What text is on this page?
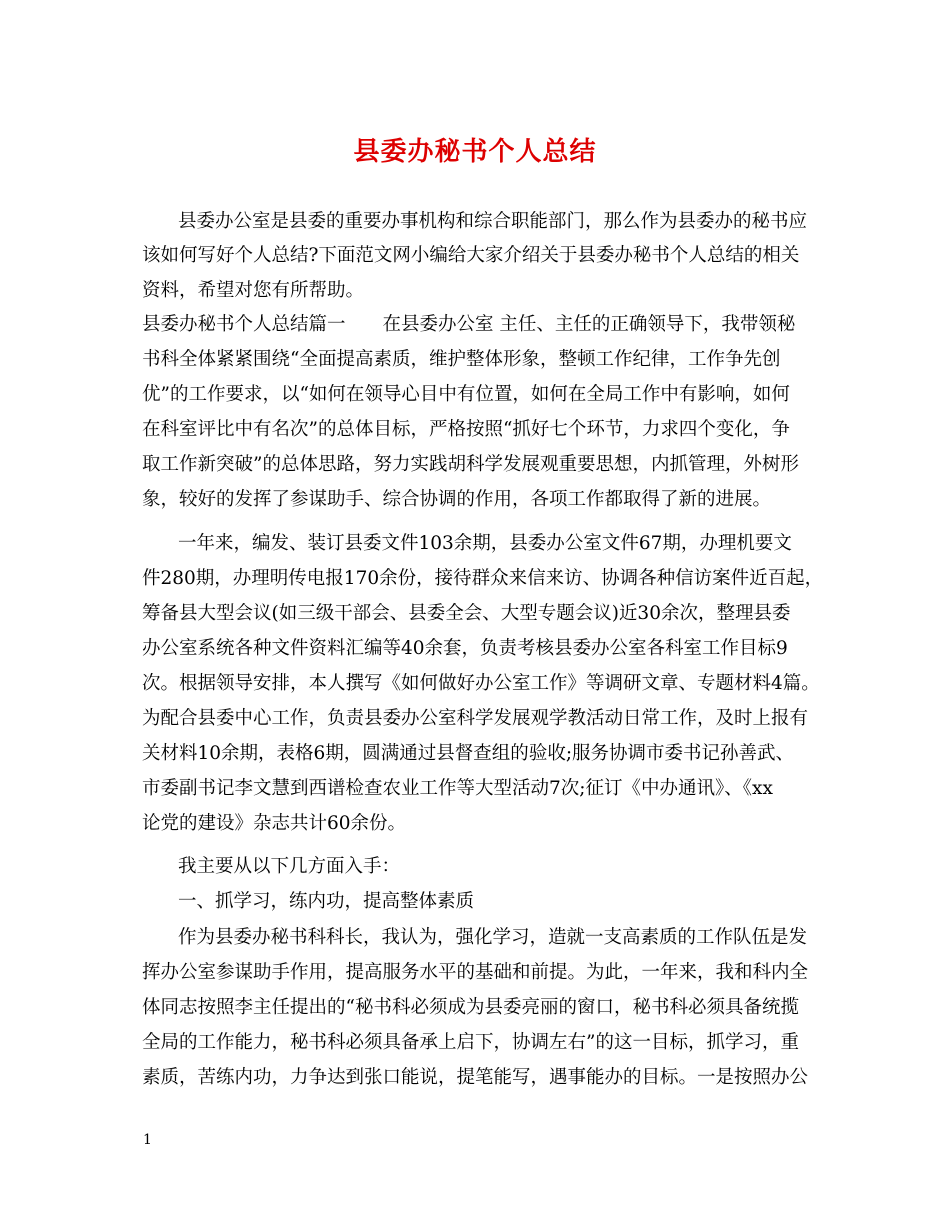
县委办秘书个人总结

县委办公室是县委的重要办事机构和综合职能部门，那么作为县委办的秘书应

该如何写好个人总结?下面范文网小编给大家介绍关于县委办秘书个人总结的相关

资料，希望对您有所帮助。

县委办秘书个人总结篇一　　在县委办公室 主任、主任的正确领导下，我带领秘

书科全体紧紧围绕“全面提高素质，维护整体形象，整顿工作纪律，工作争先创

优”的工作要求，以“如何在领导心目中有位置，如何在全局工作中有影响，如何

在科室评比中有名次”的总体目标，严格按照“抓好七个环节，力求四个变化，争

取工作新突破”的总体思路，努力实践胡科学发展观重要思想，内抓管理，外树形

象，较好的发挥了参谋助手、综合协调的作用，各项工作都取得了新的进展。

一年来，编发、装订县委文件103余期，县委办公室文件67期，办理机要文

件280期，办理明传电报170余份，接待群众来信来访、协调各种信访案件近百起，

筹备县大型会议(如三级干部会、县委全会、大型专题会议)近30余次，整理县委

办公室系统各种文件资料汇编等40余套，负责考核县委办公室各科室工作目标9

次。根据领导安排，本人撰写《如何做好办公室工作》等调研文章、专题材料4篇。

为配合县委中心工作，负责县委办公室科学发展观学教活动日常工作，及时上报有

关材料10余期，表格6期，圆满通过县督查组的验收;服务协调市委书记孙善武、

市委副书记李文慧到西谱检查农业工作等大型活动7次;征订《中办通讯》、《xx

论党的建设》杂志共计60余份。

我主要从以下几方面入手：

一、抓学习，练内功，提高整体素质

作为县委办秘书科科长，我认为，强化学习，造就一支高素质的工作队伍是发

挥办公室参谋助手作用，提高服务水平的基础和前提。为此，一年来，我和科内全

体同志按照李主任提出的“秘书科必须成为县委亮丽的窗口，秘书科必须具备统揽

全局的工作能力，秘书科必须具备承上启下，协调左右”的这一目标，抓学习，重

素质，苦练内功，力争达到张口能说，提笔能写，遇事能办的目标。一是按照办公

1
